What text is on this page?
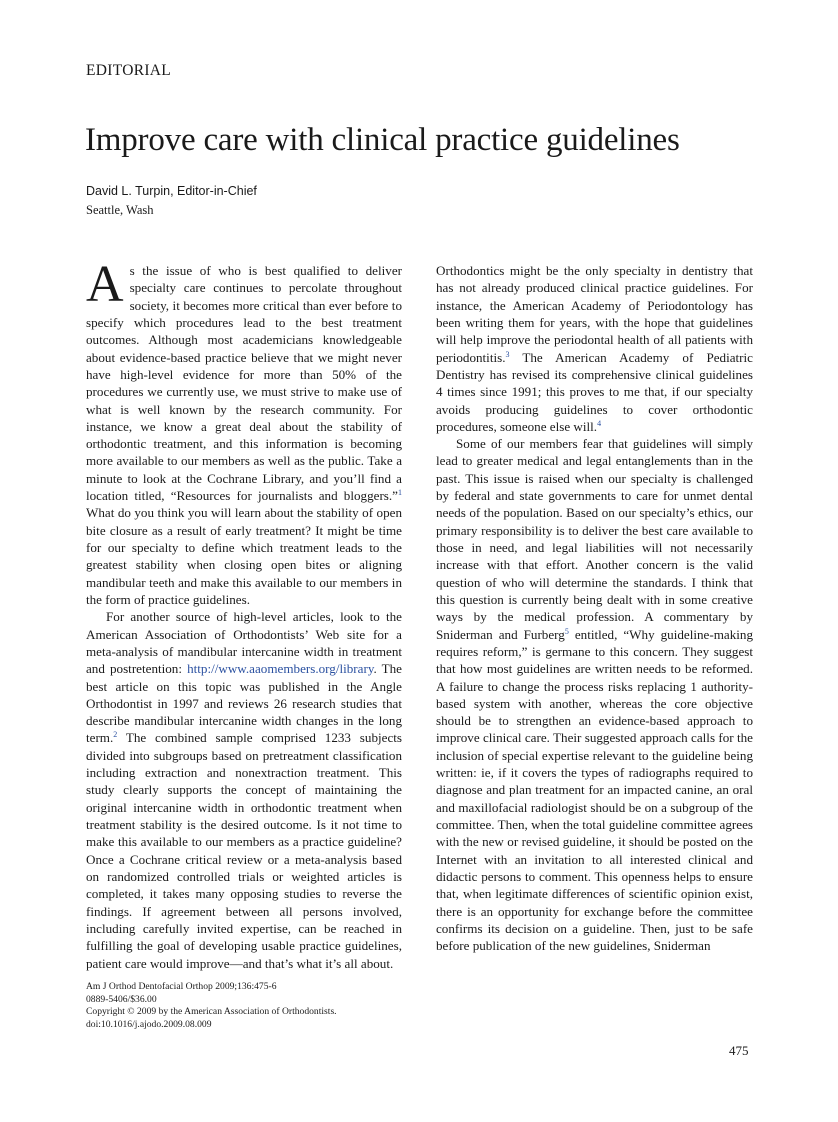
EDITORIAL
Improve care with clinical practice guidelines
David L. Turpin, Editor-in-Chief
Seattle, Wash

As the issue of who is best qualified to deliver specialty care continues to percolate throughout society, it becomes more critical than ever before to specify which procedures lead to the best treatment outcomes. Although most academicians knowledgeable about evidence-based practice believe that we might never have high-level evidence for more than 50% of the procedures we currently use, we must strive to make use of what is well known by the research community. For instance, we know a great deal about the stability of orthodontic treatment, and this information is becoming more available to our members as well as the public. Take a minute to look at the Cochrane Library, and you’ll find a location titled, “Resources for journalists and bloggers.”$^1$ What do you think you will learn about the stability of open bite closure as a result of early treatment? It might be time for our specialty to define which treatment leads to the greatest stability when closing open bites or aligning mandibular teeth and make this available to our members in the form of practice guidelines.

For another source of high-level articles, look to the American Association of Orthodontists’ Web site for a meta-analysis of mandibular intercanine width in treatment and postretention: http://www.aaomembers.org/library. The best article on this topic was published in the Angle Orthodontist in 1997 and reviews 26 research studies that describe mandibular intercanine width changes in the long term.$^2$ The combined sample comprised 1233 subjects divided into subgroups based on pretreatment classification including extraction and nonextraction treatment. This study clearly supports the concept of maintaining the original intercanine width in orthodontic treatment when treatment stability is the desired outcome. Is it not time to make this available to our members as a practice guideline? Once a Cochrane critical review or a meta-analysis based on randomized controlled trials or weighted articles is completed, it takes many opposing studies to reverse the findings. If agreement between all persons involved, including carefully invited expertise, can be reached in fulfilling the goal of developing usable practice guidelines, patient care would improve—and that’s what it’s all about.

Orthodontics might be the only specialty in dentistry that has not already produced clinical practice guidelines. For instance, the American Academy of Periodontology has been writing them for years, with the hope that guidelines will help improve the periodontal health of all patients with periodontitis.$^3$ The American Academy of Pediatric Dentistry has revised its comprehensive clinical guidelines 4 times since 1991; this proves to me that, if our specialty avoids producing guidelines to cover orthodontic procedures, someone else will.$^4$

Some of our members fear that guidelines will simply lead to greater medical and legal entanglements than in the past. This issue is raised when our specialty is challenged by federal and state governments to care for unmet dental needs of the population. Based on our specialty’s ethics, our primary responsibility is to deliver the best care available to those in need, and legal liabilities will not necessarily increase with that effort. Another concern is the valid question of who will determine the standards. I think that this question is currently being dealt with in some creative ways by the medical profession. A commentary by Sniderman and Furberg$^5$ entitled, “Why guideline-making requires reform,” is germane to this concern. They suggest that how most guidelines are written needs to be reformed. A failure to change the process risks replacing 1 authority-based system with another, whereas the core objective should be to strengthen an evidence-based approach to improve clinical care. Their suggested approach calls for the inclusion of special expertise relevant to the guideline being written: ie, if it covers the types of radiographs required to diagnose and plan treatment for an impacted canine, an oral and maxillofacial radiologist should be on a subgroup of the committee. Then, when the total guideline committee agrees with the new or revised guideline, it should be posted on the Internet with an invitation to all interested clinical and didactic persons to comment. This openness helps to ensure that, when legitimate differences of scientific opinion exist, there is an opportunity for exchange before the committee confirms its decision on a guideline. Then, just to be safe before publication of the new guidelines, Sniderman

Am J Orthod Dentofacial Orthop 2009;136:475-6
0889-5406/$36.00
Copyright © 2009 by the American Association of Orthodontists.
doi:10.1016/j.ajodo.2009.08.009
475
